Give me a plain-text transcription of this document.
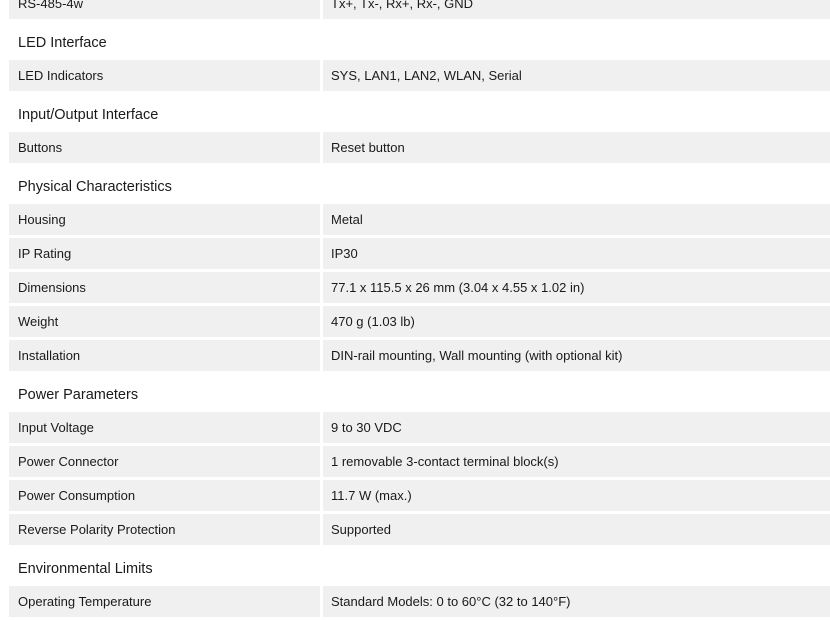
RS-485-4w	Tx+, Tx-, Rx+, Rx-, GND
LED Interface
LED Indicators	SYS, LAN1, LAN2, WLAN, Serial
Input/Output Interface
Buttons	Reset button
Physical Characteristics
Housing	Metal
IP Rating	IP30
Dimensions	77.1 x 115.5 x 26 mm (3.04 x 4.55 x 1.02 in)
Weight	470 g (1.03 lb)
Installation	DIN-rail mounting, Wall mounting (with optional kit)
Power Parameters
Input Voltage	9 to 30 VDC
Power Connector	1 removable 3-contact terminal block(s)
Power Consumption	11.7 W (max.)
Reverse Polarity Protection	Supported
Environmental Limits
Operating Temperature	Standard Models: 0 to 60°C (32 to 140°F)
